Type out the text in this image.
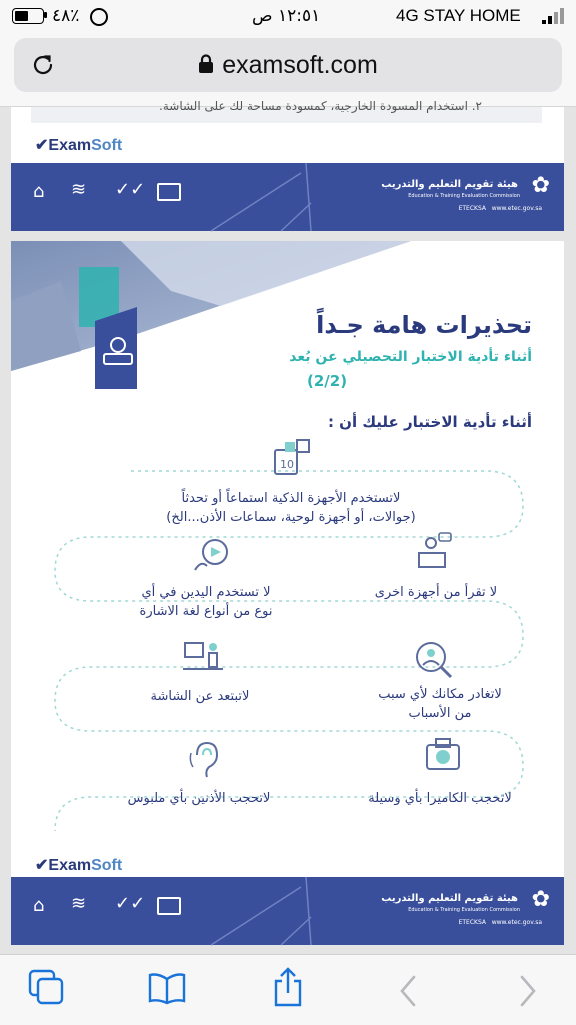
٤٨٪	١٢:٥١ ص	4G STAY HOME
examsoft.com
٢. استخدام المسودة الخارجية، كمسودة مساحة لك على الشاشة.
✔ExamSoft
⌂ ≋ ✓✓	هيئة تقويم التعليم والتدريب
Education & Training Evaluation Commission
ETECKSA www.etec.gov.sa
✿
تحذيرات هامة جـداً
أثناء تأدية الاختبار التحصيلي عن بُعد
(2/2)
أثناء تأدية الاختبار عليك أن :
10
لاتستخدم الأجهزة الذكية استماعاً أو تحدثاً
(جوالات، أو أجهزة لوحية، سماعات الأذن...الخ)
لا تقرأ من أجهزة اخرى
لا تستخدم اليدين في أي
نوع من أنواع لغة الاشارة
لاتغادر مكانك لأي سبب
من الأسباب
لاتبتعد عن الشاشة
لاتحجب الكاميرا بأي وسيلة
لاتحجب الأذنين بأي ملبوس
✔ExamSoft
⌂ ≋ ✓✓	هيئة تقويم التعليم والتدريب
Education & Training Evaluation Commission
ETECKSA www.etec.gov.sa
✿
